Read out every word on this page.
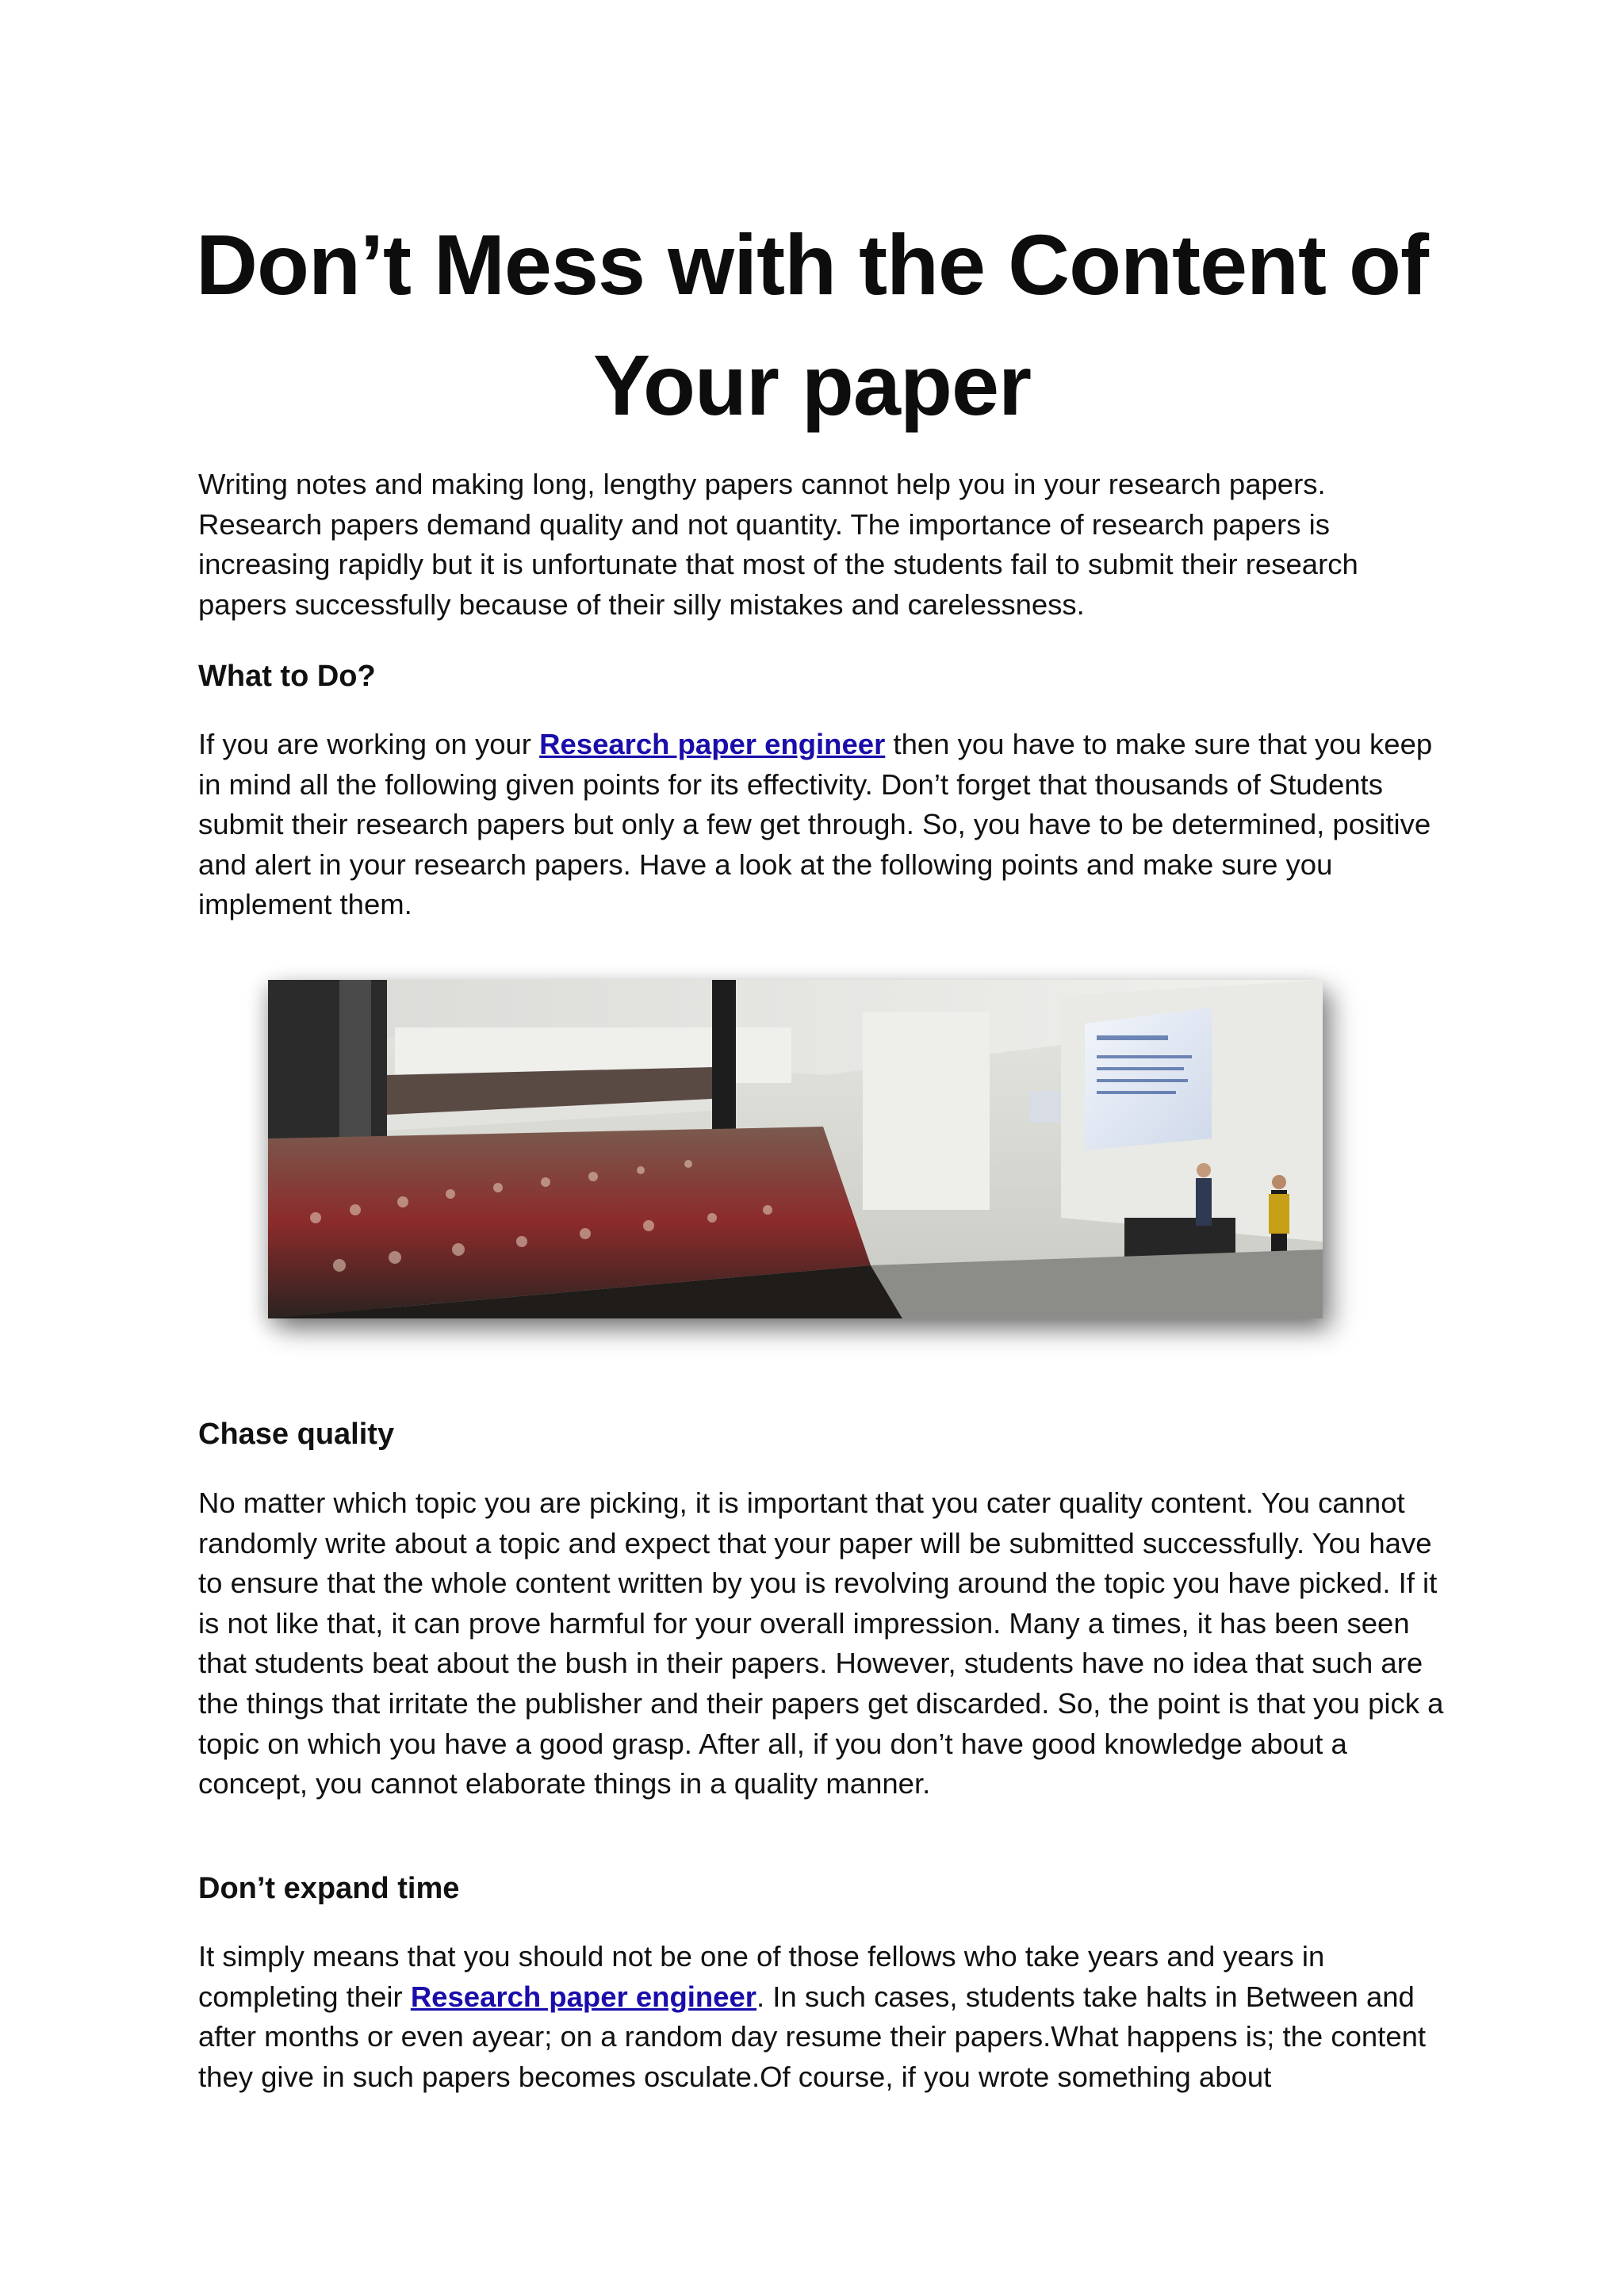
Don’t Mess with the Content of Your paper

Writing notes and making long, lengthy papers cannot help you in your research papers. Research papers demand quality and not quantity. The importance of research papers is increasing rapidly but it is unfortunate that most of the students fail to submit their research papers successfully because of their silly mistakes and carelessness.

What to Do?

If you are working on your Research paper engineer then you have to make sure that you keep in mind all the following given points for its effectivity. Don’t forget that thousands of Students submit their research papers but only a few get through. So, you have to be determined, positive and alert in your research papers. Have a look at the following points and make sure you implement them.

Chase quality

No matter which topic you are picking, it is important that you cater quality content. You cannot randomly write about a topic and expect that your paper will be submitted successfully. You have to ensure that the whole content written by you is revolving around the topic you have picked. If it is not like that, it can prove harmful for your overall impression. Many a times, it has been seen that students beat about the bush in their papers. However, students have no idea that such are the things that irritate the publisher and their papers get discarded. So, the point is that you pick a topic on which you have a good grasp. After all, if you don’t have good knowledge about a concept, you cannot elaborate things in a quality manner.

Don’t expand time

It simply means that you should not be one of those fellows who take years and years in completing their Research paper engineer. In such cases, students take halts in Between and after months or even ayear; on a random day resume their papers.What happens is; the content they give in such papers becomes osculate.Of course, if you wrote something about
